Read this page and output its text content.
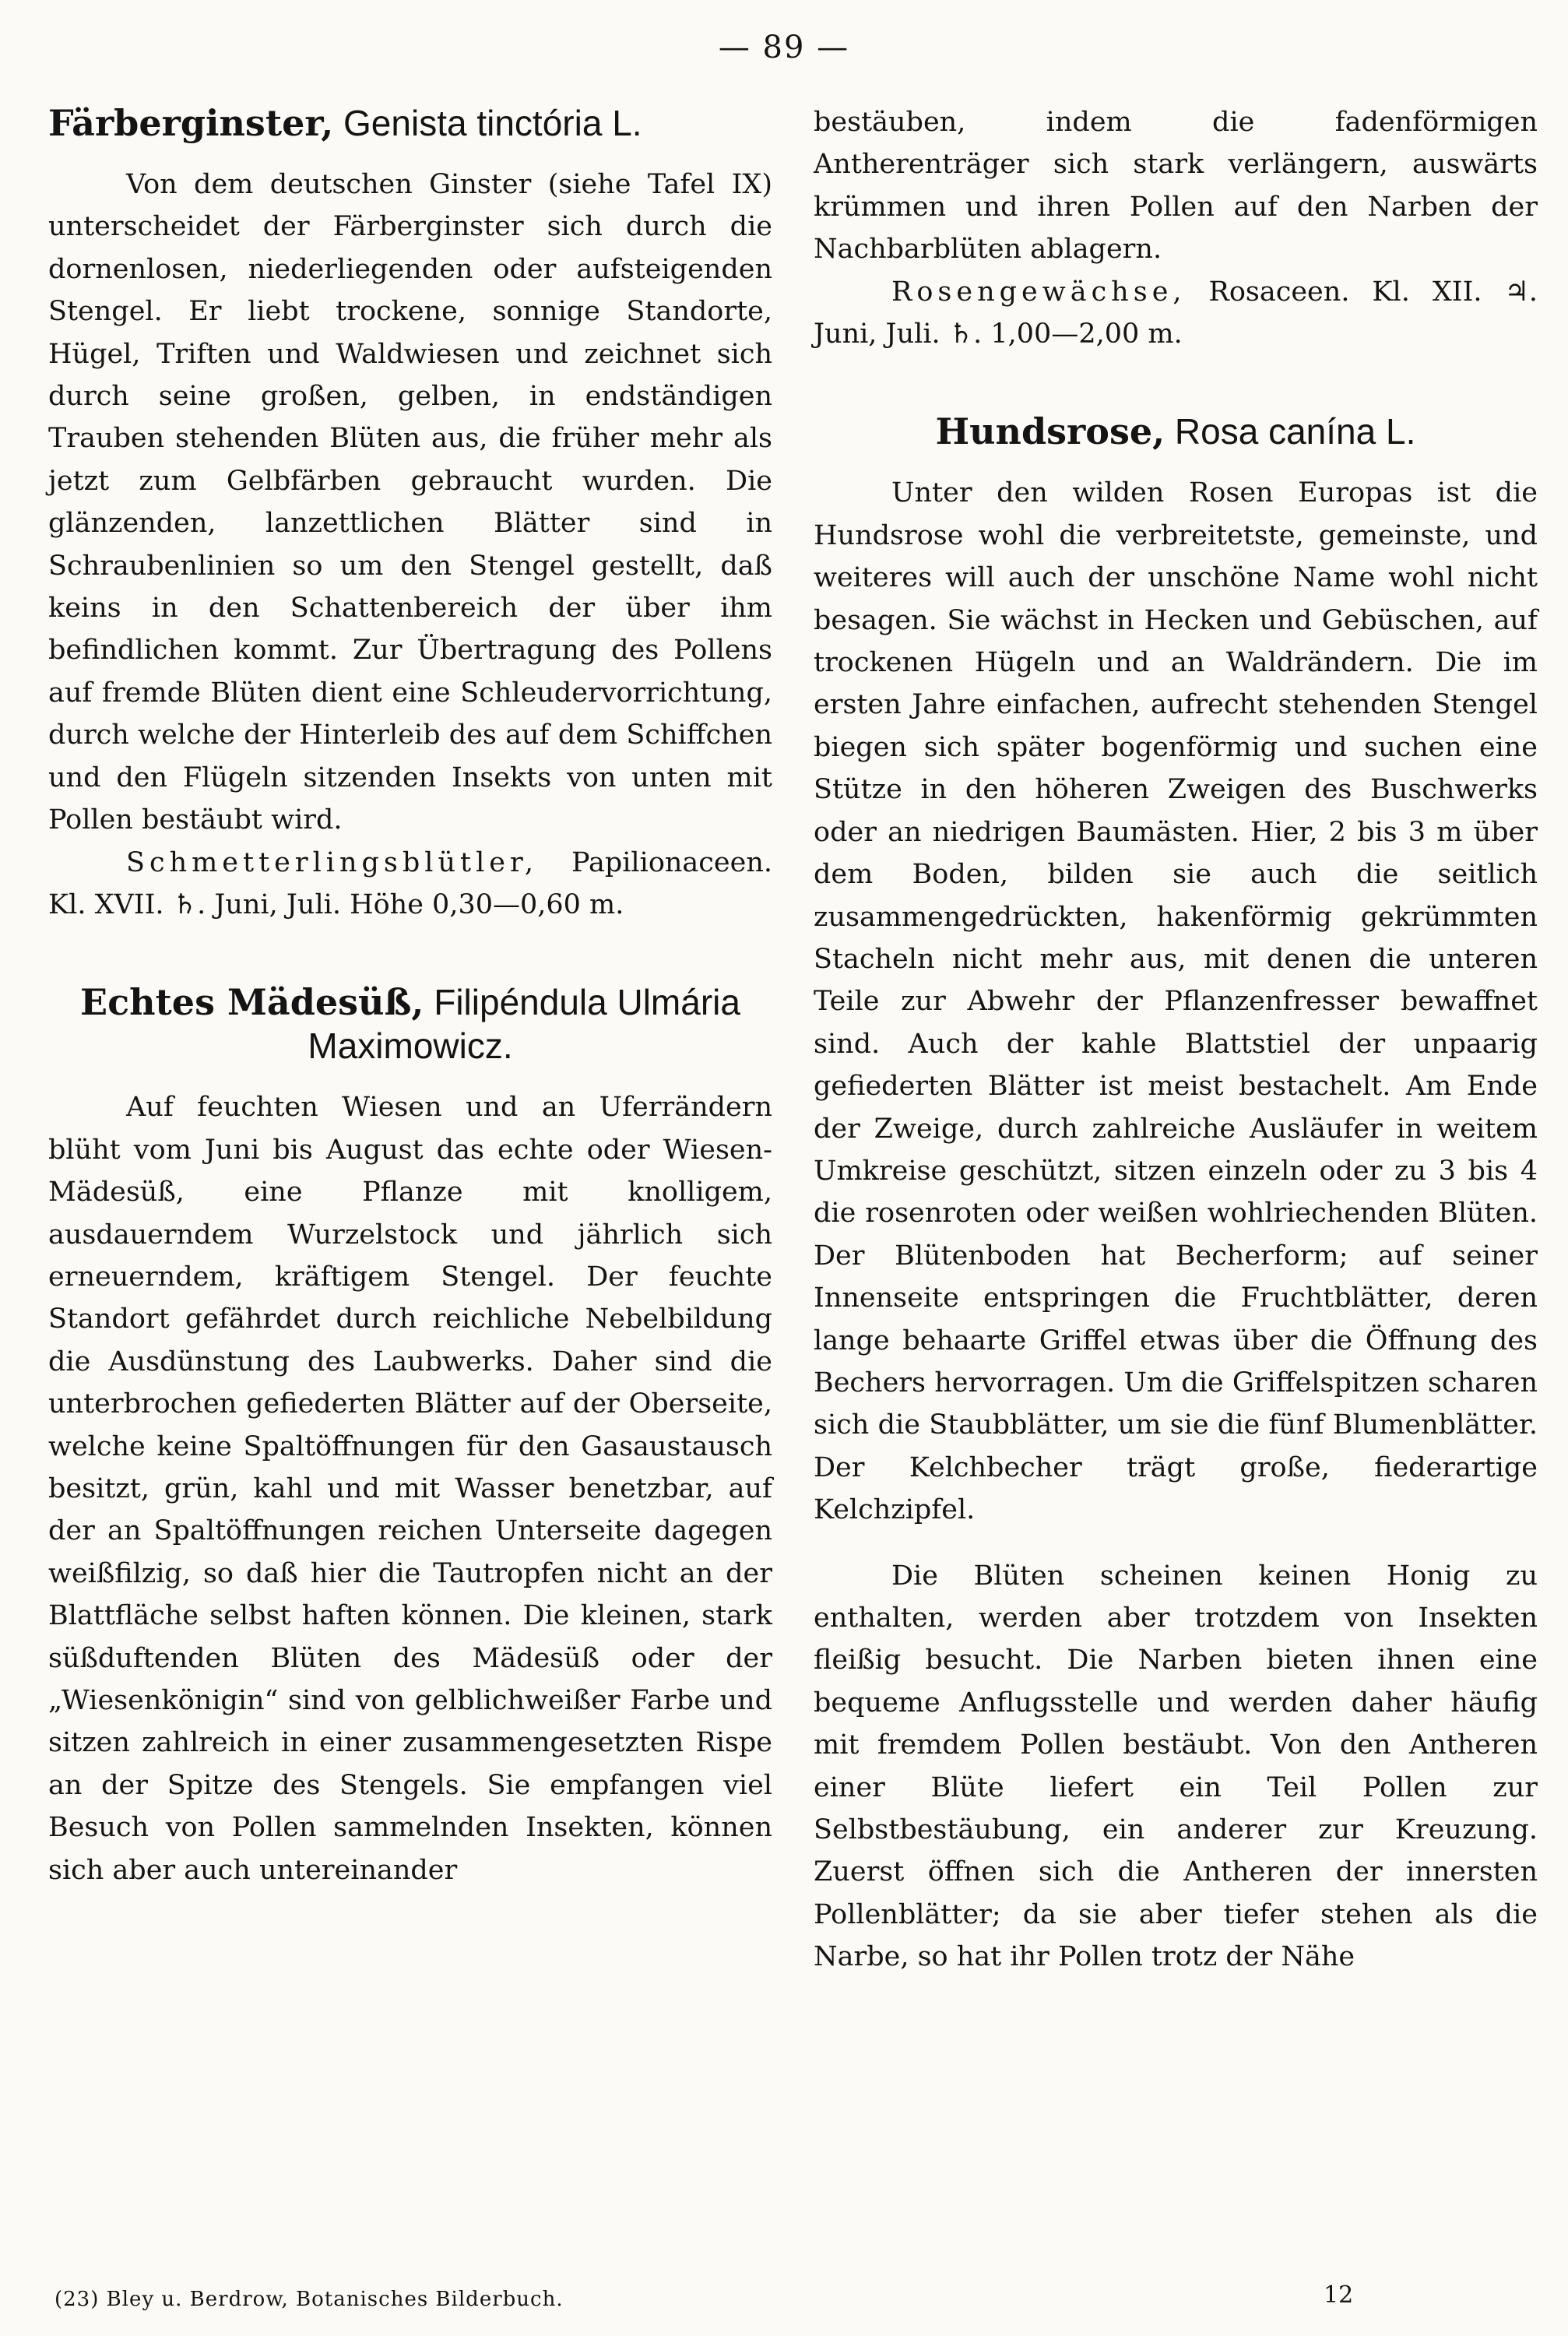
— 89 —
Färberginster, Genista tinctória L.

Von dem deutschen Ginster (siehe Tafel IX) unterscheidet der Färberginster sich durch die dornenlosen, niederliegenden oder aufsteigenden Stengel. Er liebt trockene, sonnige Standorte, Hügel, Triften und Waldwiesen und zeichnet sich durch seine großen, gelben, in endständigen Trauben stehenden Blüten aus, die früher mehr als jetzt zum Gelbfärben gebraucht wurden. Die glänzenden, lanzettlichen Blätter sind in Schraubenlinien so um den Stengel gestellt, daß keins in den Schattenbereich der über ihm befindlichen kommt. Zur Übertragung des Pollens auf fremde Blüten dient eine Schleudervorrichtung, durch welche der Hinterleib des auf dem Schiffchen und den Flügeln sitzenden Insekts von unten mit Pollen bestäubt wird.

Schmetterlingsblütler, Papilionaceen. Kl. XVII. ♄. Juni, Juli. Höhe 0,30—0,60 m.

Echtes Mädesüß, Filipéndula Ulmária Maximowicz.

Auf feuchten Wiesen und an Uferrändern blüht vom Juni bis August das echte oder Wiesen-Mädesüß, eine Pflanze mit knolligem, ausdauerndem Wurzelstock und jährlich sich erneuerndem, kräftigem Stengel. Der feuchte Standort gefährdet durch reichliche Nebelbildung die Ausdünstung des Laubwerks. Daher sind die unterbrochen gefiederten Blätter auf der Oberseite, welche keine Spaltöffnungen für den Gasaustausch besitzt, grün, kahl und mit Wasser benetzbar, auf der an Spaltöffnungen reichen Unterseite dagegen weißfilzig, so daß hier die Tautropfen nicht an der Blattfläche selbst haften können. Die kleinen, stark süßduftenden Blüten des Mädesüß oder der „Wiesenkönigin“ sind von gelblichweißer Farbe und sitzen zahlreich in einer zusammengesetzten Rispe an der Spitze des Stengels. Sie empfangen viel Besuch von Pollen sammelnden Insekten, können sich aber auch untereinander

bestäuben, indem die fadenförmigen Antherenträger sich stark verlängern, auswärts krümmen und ihren Pollen auf den Narben der Nachbarblüten ablagern.

Rosengewächse, Rosaceen. Kl. XII. ♃. Juni, Juli. ♄. 1,00—2,00 m.

Hundsrose, Rosa canína L.

Unter den wilden Rosen Europas ist die Hundsrose wohl die verbreitetste, gemeinste, und weiteres will auch der unschöne Name wohl nicht besagen. Sie wächst in Hecken und Gebüschen, auf trockenen Hügeln und an Waldrändern. Die im ersten Jahre einfachen, aufrecht stehenden Stengel biegen sich später bogenförmig und suchen eine Stütze in den höheren Zweigen des Buschwerks oder an niedrigen Baumästen. Hier, 2 bis 3 m über dem Boden, bilden sie auch die seitlich zusammengedrückten, hakenförmig gekrümmten Stacheln nicht mehr aus, mit denen die unteren Teile zur Abwehr der Pflanzenfresser bewaffnet sind. Auch der kahle Blattstiel der unpaarig gefiederten Blätter ist meist bestachelt. Am Ende der Zweige, durch zahlreiche Ausläufer in weitem Umkreise geschützt, sitzen einzeln oder zu 3 bis 4 die rosenroten oder weißen wohlriechenden Blüten. Der Blütenboden hat Becherform; auf seiner Innenseite entspringen die Fruchtblätter, deren lange behaarte Griffel etwas über die Öffnung des Bechers hervorragen. Um die Griffelspitzen scharen sich die Staubblätter, um sie die fünf Blumenblätter. Der Kelchbecher trägt große, fiederartige Kelchzipfel.

Die Blüten scheinen keinen Honig zu enthalten, werden aber trotzdem von Insekten fleißig besucht. Die Narben bieten ihnen eine bequeme Anflugsstelle und werden daher häufig mit fremdem Pollen bestäubt. Von den Antheren einer Blüte liefert ein Teil Pollen zur Selbstbestäubung, ein anderer zur Kreuzung. Zuerst öffnen sich die Antheren der innersten Pollenblätter; da sie aber tiefer stehen als die Narbe, so hat ihr Pollen trotz der Nähe

(23) Bley u. Berdrow, Botanisches Bilderbuch.	12
